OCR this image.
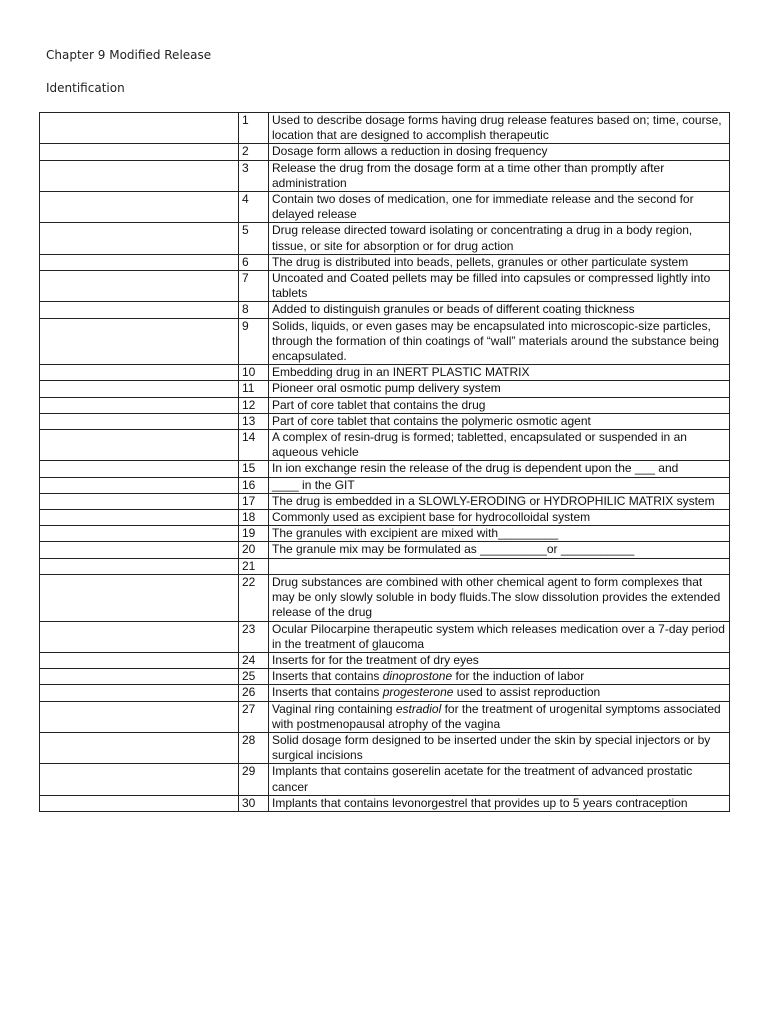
Chapter 9 Modified Release
Identification
	1	Used to describe dosage forms having drug release features based on; time, course, location that are designed to accomplish therapeutic
	2	Dosage form allows a reduction in dosing frequency
	3	Release the drug from the dosage form at a time other than promptly after administration
	4	Contain two doses of medication, one for immediate release and the second for delayed release
	5	Drug release directed toward isolating or concentrating a drug in a body region, tissue, or site for absorption or for drug action
	6	The drug is distributed into beads, pellets, granules or other particulate system
	7	Uncoated and Coated pellets may be filled into capsules or compressed lightly into tablets
	8	Added to distinguish granules or beads of different coating thickness
	9	Solids, liquids, or even gases may be encapsulated into microscopic-size particles, through the formation of thin coatings of “wall” materials around the substance being encapsulated.
	10	Embedding drug in an INERT PLASTIC MATRIX
	11	Pioneer oral osmotic pump delivery system
	12	Part of core tablet that contains the drug
	13	Part of core tablet that contains the polymeric osmotic agent
	14	A complex of resin-drug is formed; tabletted, encapsulated or suspended in an aqueous vehicle
	15	In ion exchange resin the release of the drug is dependent upon the ___ and
	16	____ in the GIT
	17	The drug is embedded in a SLOWLY-ERODING or HYDROPHILIC MATRIX system
	18	Commonly used as excipient base for hydrocolloidal system
	19	The granules with excipient are mixed with_________
	20	The granule mix may be formulated as __________or ___________
	21	
	22	Drug substances are combined with other chemical agent to form complexes that may be only slowly soluble in body fluids.The slow dissolution provides the extended release of the drug
	23	Ocular Pilocarpine therapeutic system which releases medication over a 7-day period in the treatment of glaucoma
	24	Inserts for for the treatment of dry eyes
	25	Inserts that contains dinoprostone for the induction of labor
	26	Inserts that contains progesterone used to assist reproduction
	27	Vaginal ring containing estradiol for the treatment of urogenital symptoms associated with postmenopausal atrophy of the vagina
	28	Solid dosage form designed to be inserted under the skin by special injectors or by surgical incisions
	29	Implants that contains goserelin acetate for the treatment of advanced prostatic cancer
	30	Implants that contains levonorgestrel that provides up to 5 years contraception
